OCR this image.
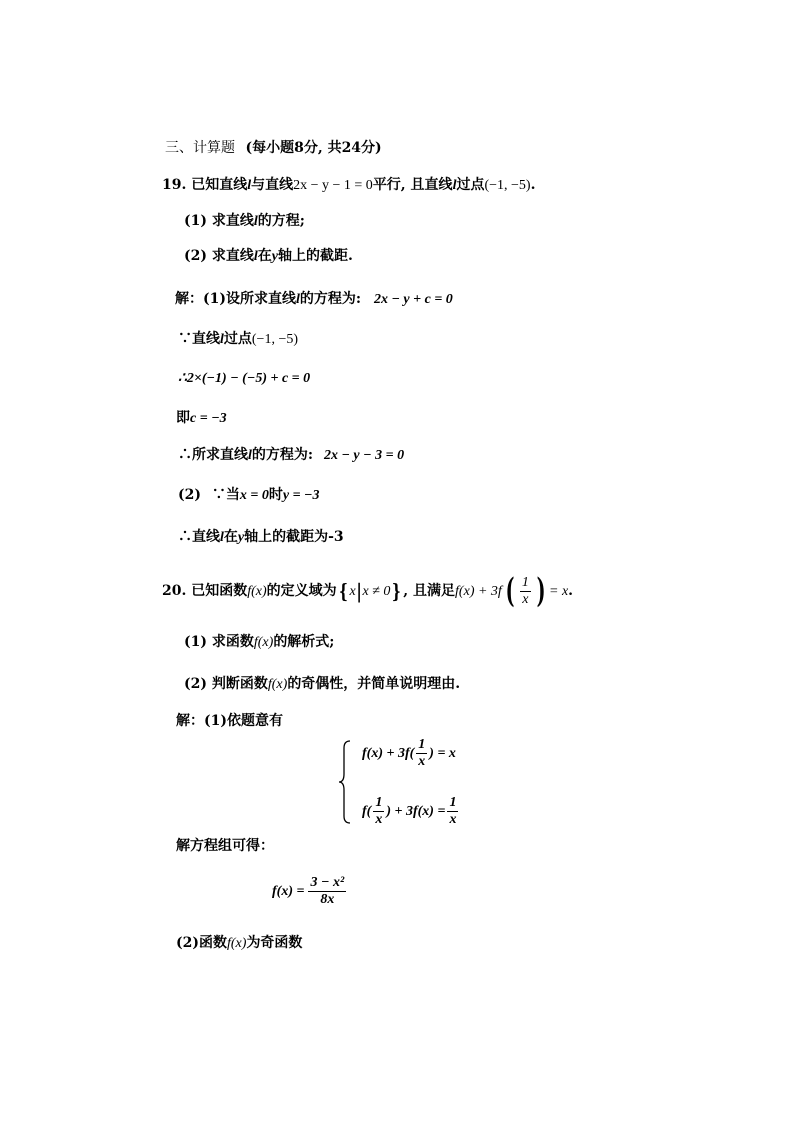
三、计算题 (每小题8分, 共24分)
19. 已知直线l与直线2x − y − 1 = 0平行, 且直线l过点(−1, −5).
(1) 求直线l的方程;
(2) 求直线l在y轴上的截距.
解：(1)设所求直线l的方程为: 2x − y + c = 0
∵直线l过点(−1, −5)
∴2×(−1) − (−5) + c = 0
即c = −3
∴所求直线l的方程为: 2x − y − 3 = 0
(2) ∵当x = 0时y = −3
∴直线l在y轴上的截距为-3
20. 已知函数f(x)的定义域为{ x|x ≠ 0} , 且满足f(x) + 3f ( $\frac{1}{x}$ ) = x.
(1) 求函数f(x)的解析式;
(2) 判断函数f(x)的奇偶性，并简单说明理由.
解：(1)依题意有
$f(x) + 3f( \frac{1}{x}$ ) = x
$f( \frac{1}{x}$ ) + $3f(x) = \frac{1}{x}$
解方程组可得：
$f(x) = \frac{\text{3 − x²}}{8x}$
(2)函数f(x)为奇函数
